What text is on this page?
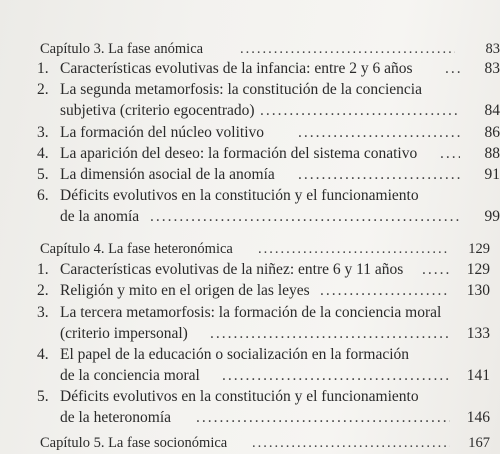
Capítulo 3. La fase anómica .....	83
1. Características evolutivas de la infancia: entre 2 y 6 años .....	83
2. La segunda metamorfosis: la constitución de la conciencia
subjetiva (criterio egocentrado) .....	84
3. La formación del núcleo volitivo .....	86
4. La aparición del deseo: la formación del sistema conativo .....	88
5. La dimensión asocial de la anomía .....	91
6. Déficits evolutivos en la constitución y el funcionamiento
de la anomía .....	99
Capítulo 4. La fase heteronómica .....	129
1. Características evolutivas de la niñez: entre 6 y 11 años .....	129
2. Religión y mito en el origen de las leyes .....	130
3. La tercera metamorfosis: la formación de la conciencia moral
(criterio impersonal) .....	133
4. El papel de la educación o socialización en la formación
de la conciencia moral .....	141
5. Déficits evolutivos en la constitución y el funcionamiento
de la heteronomía .....	146
Capítulo 5. La fase socionómica .....	167
